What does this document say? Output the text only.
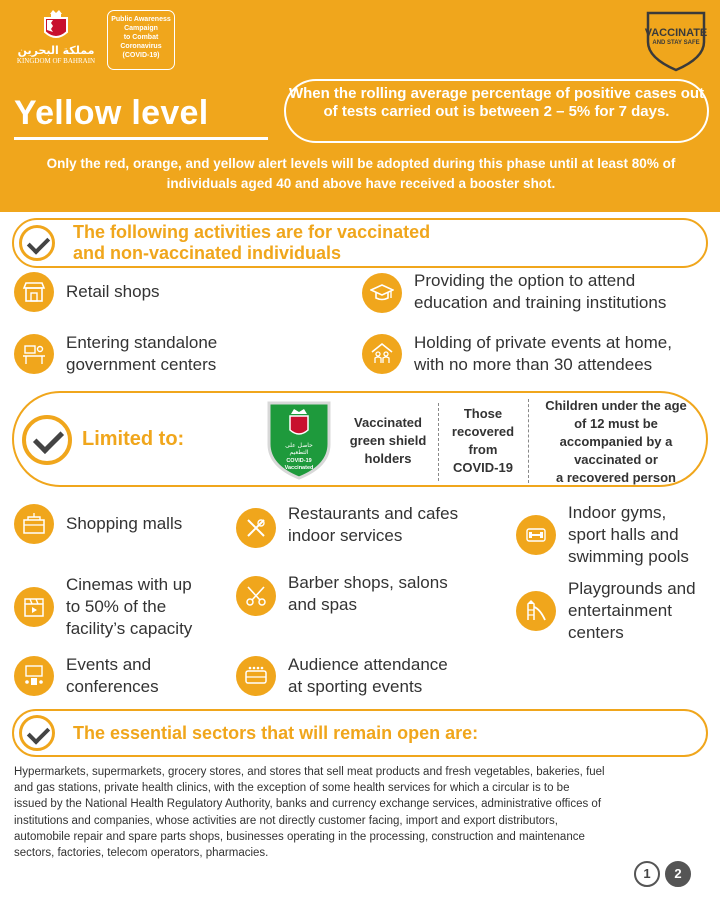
مملكة البحرين
KINGDOM OF BAHRAIN
Public Awareness
Campaign
to Combat
Coronavirus
(COVID-19)
VACCINATE
AND STAY SAFE
Yellow level
When the rolling average percentage of positive cases out of tests carried out is between 2 – 5% for 7 days.
Only the red, orange, and yellow alert levels will be adopted during this phase until at least 80% of individuals aged 40 and above have received a booster shot.
The following activities are for vaccinated
and non-vaccinated individuals
Retail shops
Providing the option to attend
education and training institutions
Entering standalone
government centers
Holding of private events at home,
with no more than 30 attendees
Limited to:	حاصل على
التطعيم
COVID-19
Vaccinated
Vaccinated
green shield
holders
Those
recovered
from
COVID-19
Children under the age
of 12 must be
accompanied by a
vaccinated or
a recovered person
Shopping malls
Restaurants and cafes
indoor services
Indoor gyms,
sport halls and
swimming pools
Cinemas with up
to 50% of the
facility’s capacity
Barber shops, salons
and spas
Playgrounds and
entertainment
centers
Events and
conferences
Audience attendance
at sporting events
The essential sectors that will remain open are:
Hypermarkets, supermarkets, grocery stores, and stores that sell meat products and fresh vegetables, bakeries, fuel
and gas stations, private health clinics, with the exception of some health services for which a circular is to be
issued by the National Health Regulatory Authority, banks and currency exchange services, administrative offices of
institutions and companies, whose activities are not directly customer facing, import and export distributors,
automobile repair and spare parts shops, businesses operating in the processing, construction and maintenance
sectors, factories, telecom operators, pharmacies.
1	2
